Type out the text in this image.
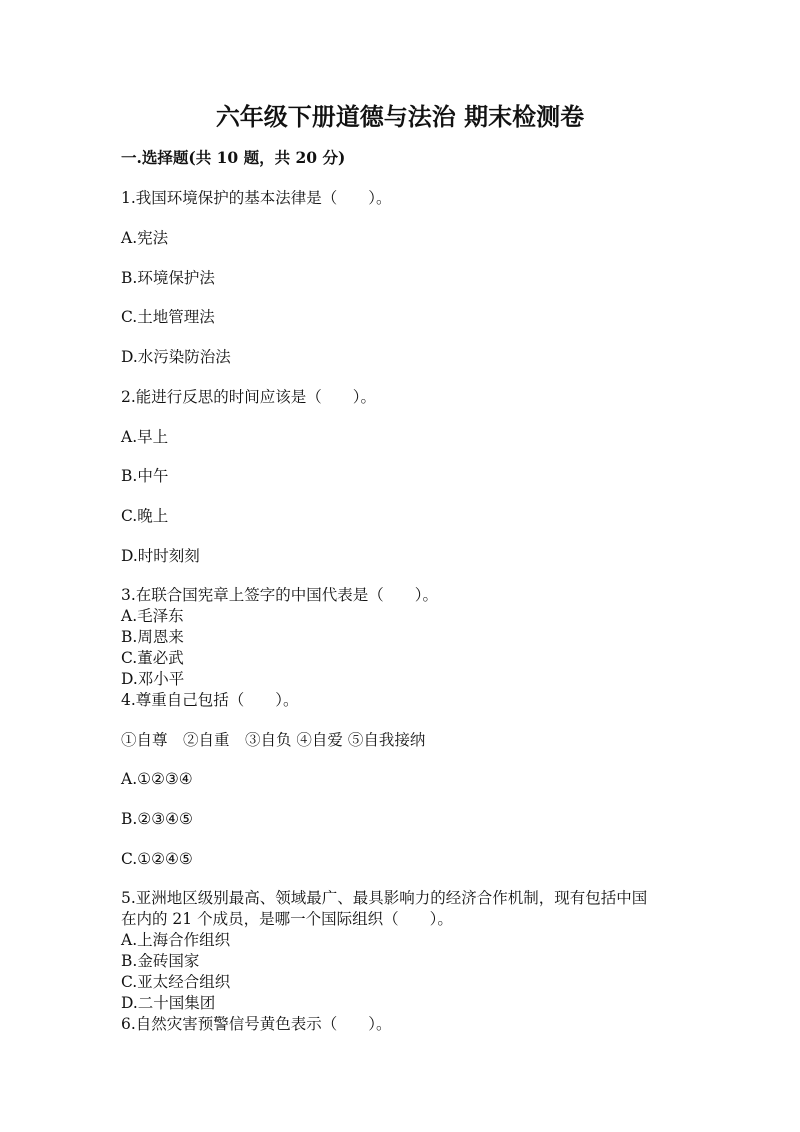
六年级下册道德与法治 期末检测卷
一.选择题(共 10 题，共 20 分)
1.我国环境保护的基本法律是（　　）。
A.宪法
B.环境保护法
C.土地管理法
D.水污染防治法
2.能进行反思的时间应该是（　　）。
A.早上
B.中午
C.晚上
D.时时刻刻
3.在联合国宪章上签字的中国代表是（　　）。
A.毛泽东
B.周恩来
C.董必武
D.邓小平
4.尊重自己包括（　　）。
①自尊　②自重　③自负 ④自爱 ⑤自我接纳
A.①②③④
B.②③④⑤
C.①②④⑤
5.亚洲地区级别最高、领域最广、最具影响力的经济合作机制，现有包括中国
在内的 21 个成员，是哪一个国际组织（　　）。
A.上海合作组织
B.金砖国家
C.亚太经合组织
D.二十国集团
6.自然灾害预警信号黄色表示（　　）。
